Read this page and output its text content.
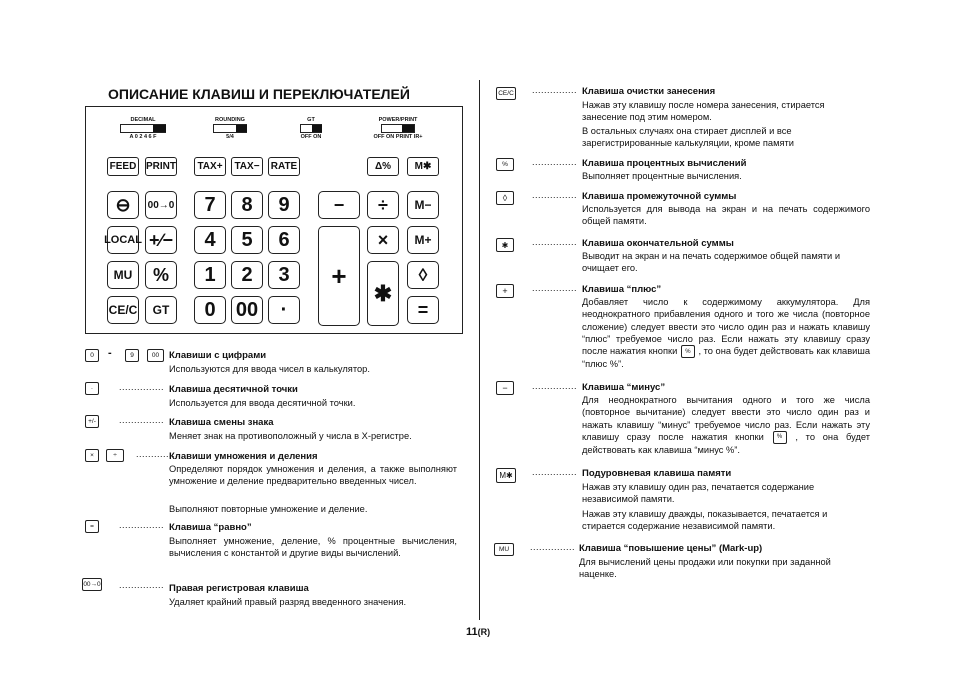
ОПИСАНИЕ КЛАВИШ И ПЕРЕКЛЮЧАТЕЛЕЙ
DECIMAL
A 0 2 4 6 F
ROUNDING
5/4
GT
OFF ON
POWER/PRINT
OFF ON PRINT IR+
FEED PRINT	TAX+	TAX−	RATE	Δ%	M✱
⊖	00→0	7	8	9	−	÷	M−
LOCAL +∕−	4	5	6
+
×	M+
MU	%	1	2	3
✱
◊
CE/C	GT	0	00	·	=
0	-	9	00	Клавиши с цифрами
Используются для ввода чисел в калькулятор.
·	............... Клавиша десятичной точки
Используется для ввода десятичной точки.
+/-	............... Клавиша смены знака
Меняет знак на противоположный у числа в X-регистре.
×	÷	...............
Клавиши умножения и деления
Определяют порядок умножения и деления, а также выполняют умножение и деление предварительно введенных чисел.
Выполняют повторные умножение и деление.
=	............... Клавиша “равно”
Выполняет умножение, деление, % процентные вычисления, вычисления с константой и другие виды вычислений.
00→0 ............... Правая регистровая клавиша
Удаляет крайний правый разряд введенного значения.
CE/C ............... Клавиша очистки занесения
Нажав эту клавишу после номера занесения, стирается занесение под этим номером.
В остальных случаях она стирает дисплей и все зарегистрированные калькуляции, кроме памяти
%	............... Клавиша процентных вычислений
Выполняет процентные вычисления.
◊	............... Клавиша промежуточной суммы
Используется для вывода на экран и на печать содержимого общей памяти.
✱	............... Клавиша окончательной суммы
Выводит на экран и на печать содержимое общей памяти и очищает его.
+	............... Клавиша “плюс”
Добавляет число к содержимому аккумулятора. Для неоднократного прибавления одного и того же числа (повторное сложение) следует ввести это число один раз и нажать клавишу “плюс” требуемое число раз. Если нажать эту клавишу сразу после нажатия кнопки % , то она будет действовать как клавиша “плюс %”.
−	............... Клавиша “минус”
Для неоднократного вычитания одного и того же числа (повторное вычитание) следует ввести это число один раз и нажать клавишу “минус” требуемое число раз. Если нажать эту клавишу сразу после нажатия кнопки % , то она будет действовать как клавиша “минус %”.
M✱	............... Подуровневая клавиша памяти
Нажав эту клавишу один раз, печатается содержание независимой памяти.
Нажав эту клавишу дважды, показывается, печатается и стирается содержание независимой памяти.
MU	............... Клавиша “повышение цены” (Mark-up)
Для вычислений цены продажи или покупки при заданной наценке.
11(R)
